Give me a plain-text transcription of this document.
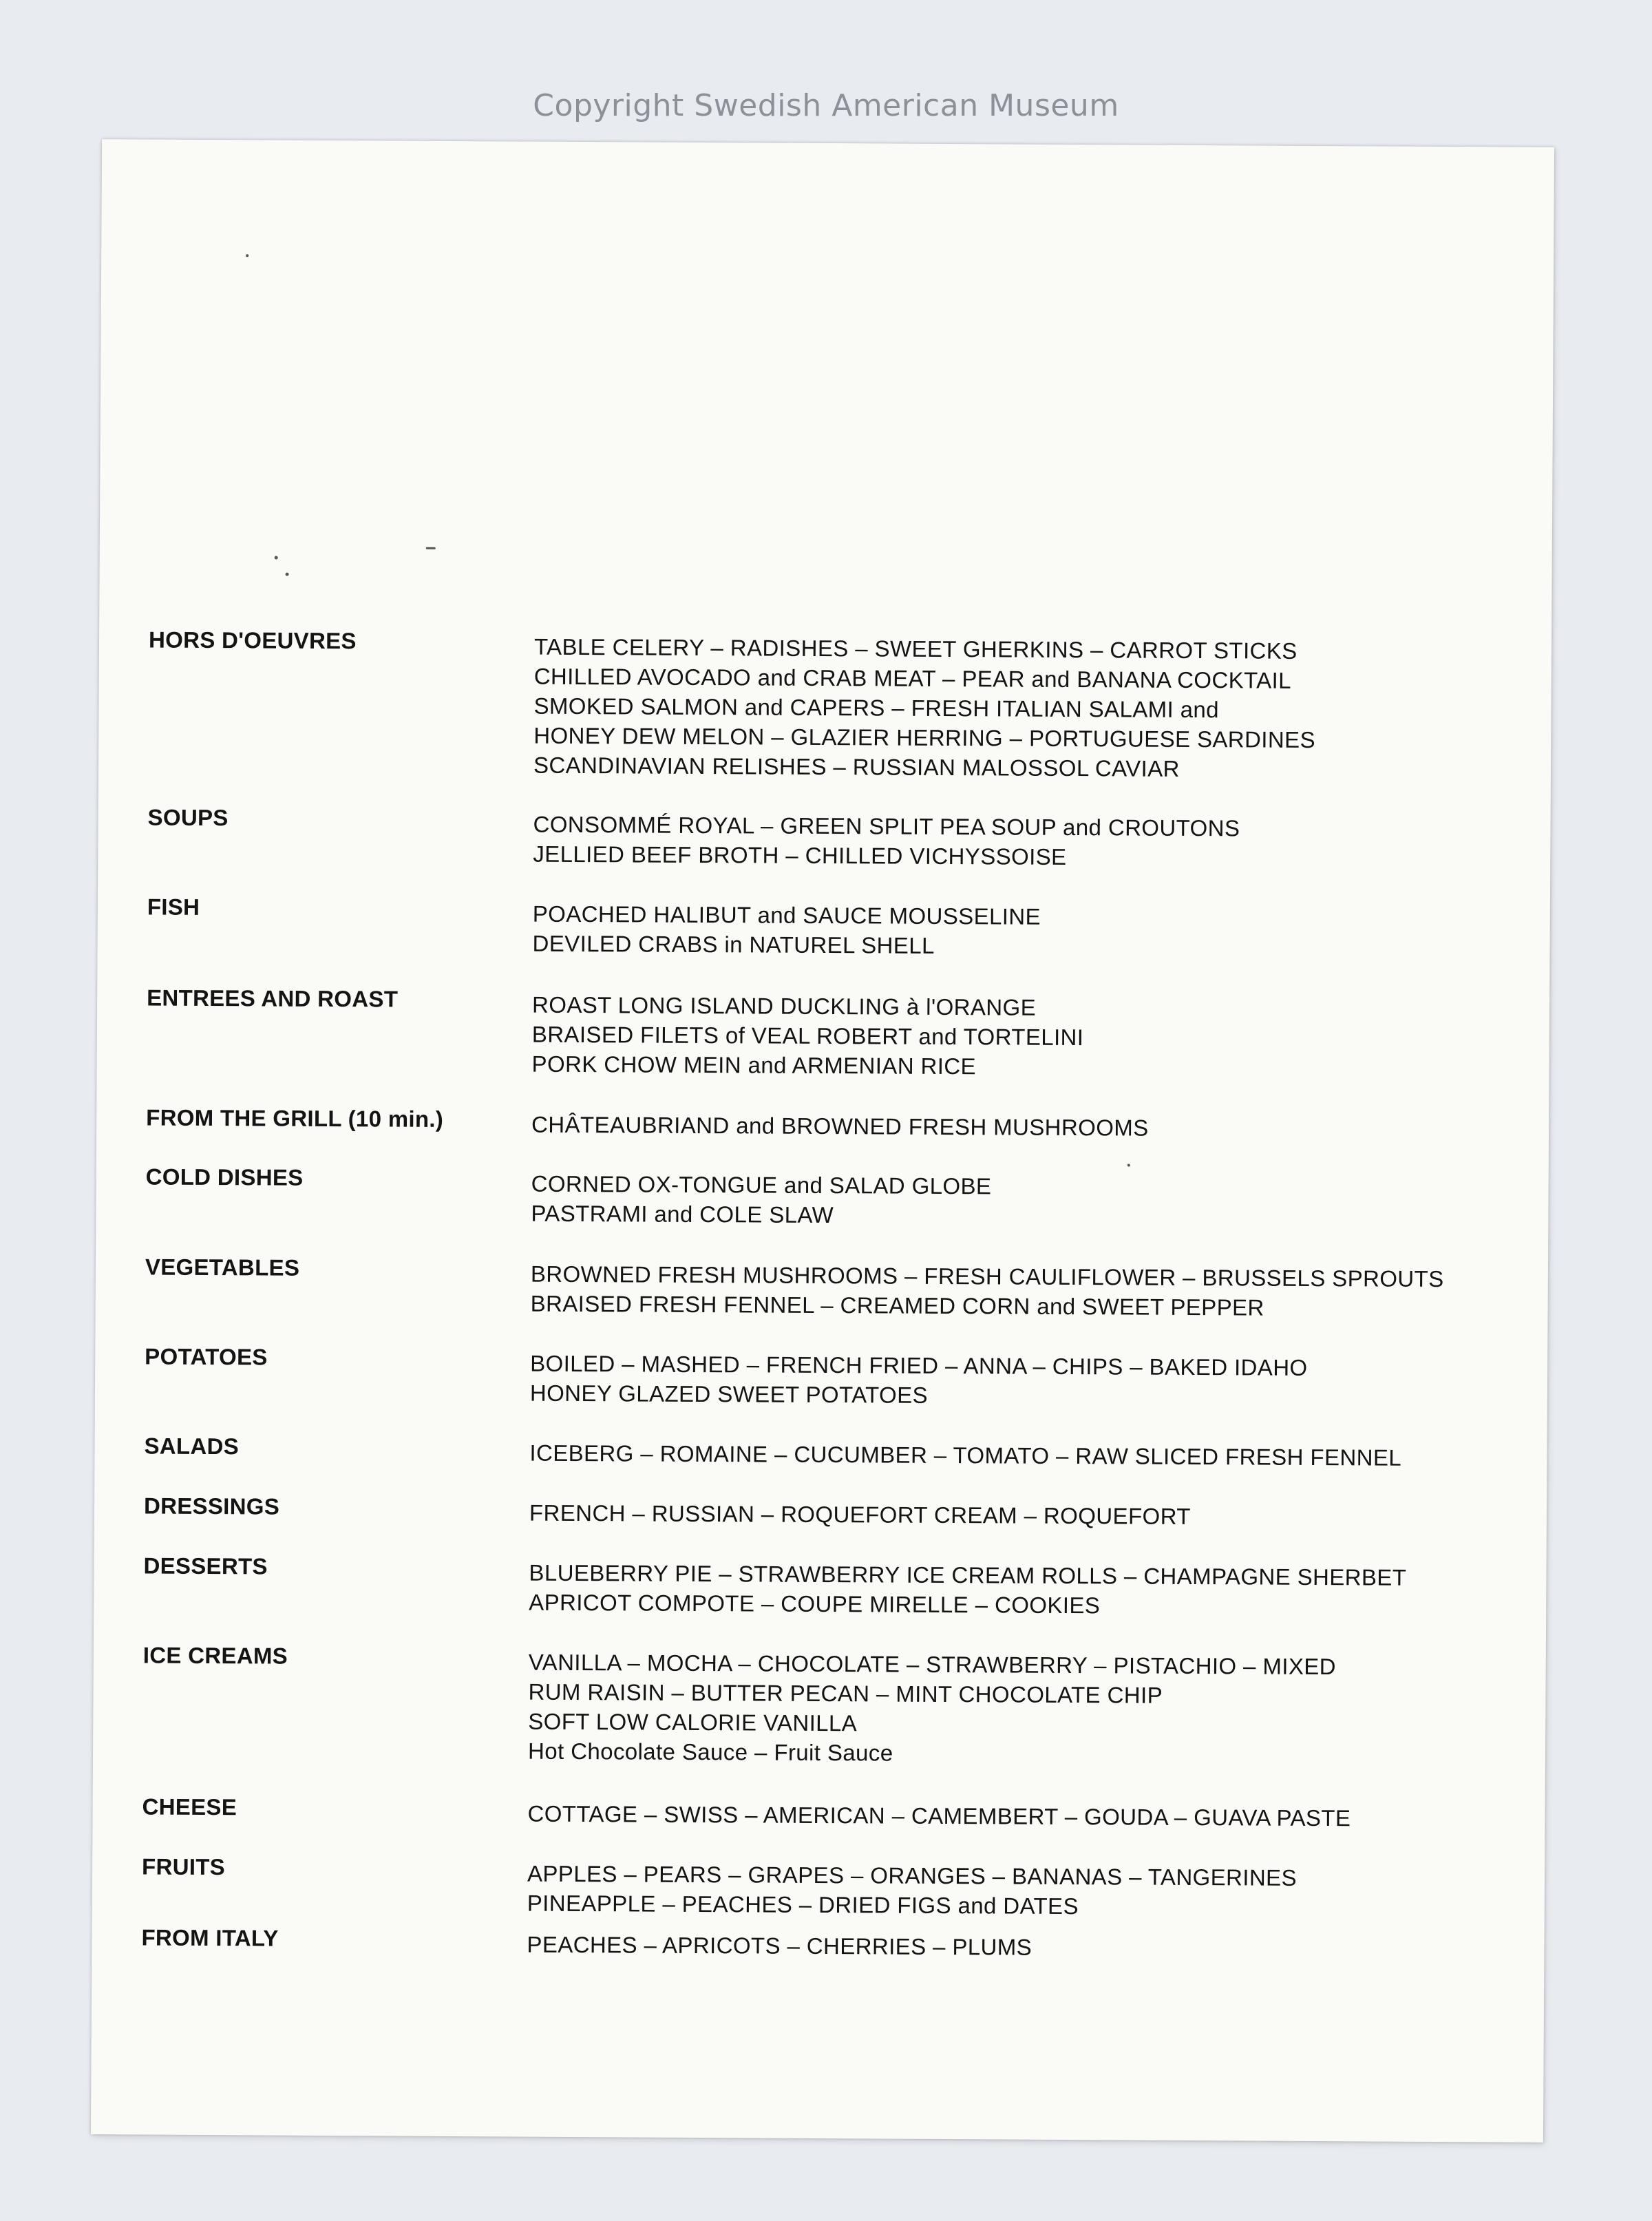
Copyright Swedish American Museum
HORS D'OEUVRES	TABLE CELERY – RADISHES – SWEET GHERKINS – CARROT STICKS
CHILLED AVOCADO and CRAB MEAT – PEAR and BANANA COCKTAIL
SMOKED SALMON and CAPERS – FRESH ITALIAN SALAMI and
HONEY DEW MELON – GLAZIER HERRING – PORTUGUESE SARDINES
SCANDINAVIAN RELISHES – RUSSIAN MALOSSOL CAVIAR
SOUPS	CONSOMMÉ ROYAL – GREEN SPLIT PEA SOUP and CROUTONS
JELLIED BEEF BROTH – CHILLED VICHYSSOISE
FISH	POACHED HALIBUT and SAUCE MOUSSELINE
DEVILED CRABS in NATUREL SHELL
ENTREES AND ROAST	ROAST LONG ISLAND DUCKLING à l'ORANGE
BRAISED FILETS of VEAL ROBERT and TORTELINI
PORK CHOW MEIN and ARMENIAN RICE
FROM THE GRILL (10 min.)	CHÂTEAUBRIAND and BROWNED FRESH MUSHROOMS
COLD DISHES	CORNED OX-TONGUE and SALAD GLOBE
PASTRAMI and COLE SLAW
VEGETABLES	BROWNED FRESH MUSHROOMS – FRESH CAULIFLOWER – BRUSSELS SPROUTS
BRAISED FRESH FENNEL – CREAMED CORN and SWEET PEPPER
POTATOES	BOILED – MASHED – FRENCH FRIED – ANNA – CHIPS – BAKED IDAHO
HONEY GLAZED SWEET POTATOES
SALADS	ICEBERG – ROMAINE – CUCUMBER – TOMATO – RAW SLICED FRESH FENNEL
DRESSINGS	FRENCH – RUSSIAN – ROQUEFORT CREAM – ROQUEFORT
DESSERTS	BLUEBERRY PIE – STRAWBERRY ICE CREAM ROLLS – CHAMPAGNE SHERBET
APRICOT COMPOTE – COUPE MIRELLE – COOKIES
ICE CREAMS	VANILLA – MOCHA – CHOCOLATE – STRAWBERRY – PISTACHIO – MIXED
RUM RAISIN – BUTTER PECAN – MINT CHOCOLATE CHIP
SOFT LOW CALORIE VANILLA
Hot Chocolate Sauce – Fruit Sauce
CHEESE	COTTAGE – SWISS – AMERICAN – CAMEMBERT – GOUDA – GUAVA PASTE
FRUITS	APPLES – PEARS – GRAPES – ORANGES – BANANAS – TANGERINES
PINEAPPLE – PEACHES – DRIED FIGS and DATES
FROM ITALY	PEACHES – APRICOTS – CHERRIES – PLUMS
